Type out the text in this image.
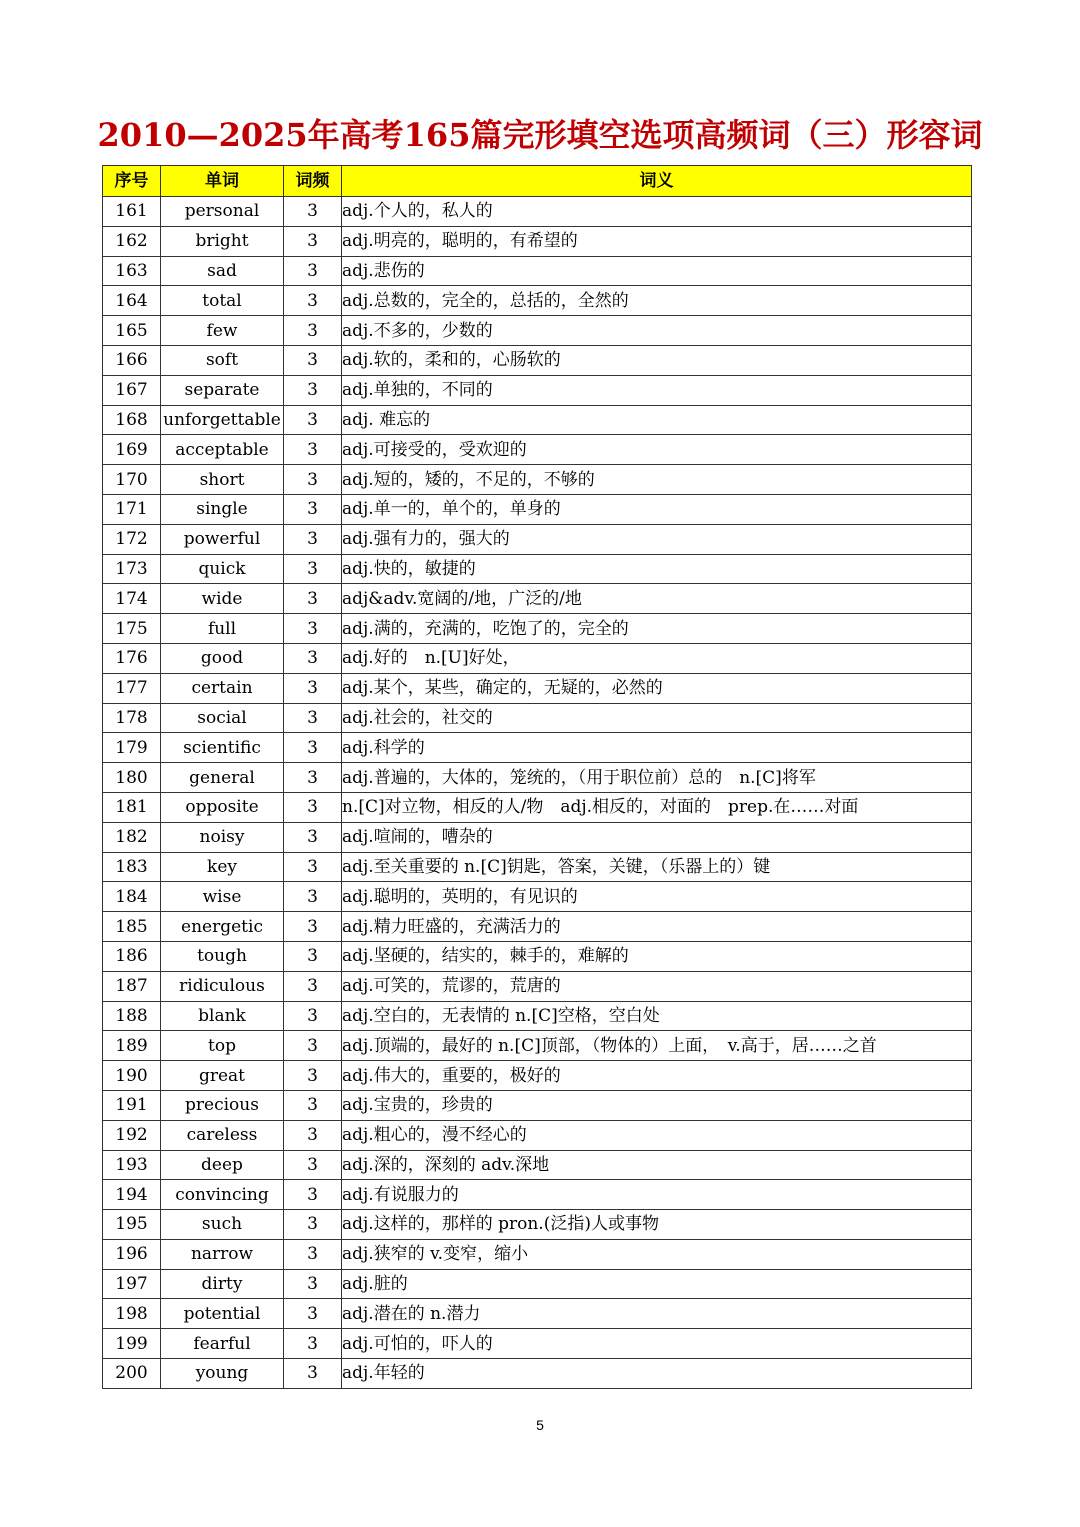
2010—2025年高考165篇完形填空选项高频词（三）形容词
序号	单词	词频	词义
161	personal	3	adj.个人的，私人的
162	bright	3	adj.明亮的，聪明的，有希望的
163	sad	3	adj.悲伤的
164	total	3	adj.总数的，完全的，总括的，全然的
165	few	3	adj.不多的，少数的
166	soft	3	adj.软的，柔和的，心肠软的
167	separate	3	adj.单独的，不同的
168	unforgettable	3	adj. 难忘的
169	acceptable	3	adj.可接受的，受欢迎的
170	short	3	adj.短的，矮的，不足的，不够的
171	single	3	adj.单一的，单个的，单身的
172	powerful	3	adj.强有力的，强大的
173	quick	3	adj.快的，敏捷的
174	wide	3	adj&adv.宽阔的/地，广泛的/地
175	full	3	adj.满的，充满的，吃饱了的，完全的
176	good	3	adj.好的　n.[U]好处，
177	certain	3	adj.某个，某些，确定的，无疑的，必然的
178	social	3	adj.社会的，社交的
179	scientific	3	adj.科学的
180	general	3	adj.普遍的，大体的，笼统的，（用于职位前）总的　n.[C]将军
181	opposite	3	n.[C]对立物，相反的人/物　adj.相反的，对面的　prep.在……对面
182	noisy	3	adj.喧闹的，嘈杂的
183	key	3	adj.至关重要的 n.[C]钥匙，答案，关键，（乐器上的）键
184	wise	3	adj.聪明的，英明的，有见识的
185	energetic	3	adj.精力旺盛的，充满活力的
186	tough	3	adj.坚硬的，结实的，棘手的，难解的
187	ridiculous	3	adj.可笑的，荒谬的，荒唐的
188	blank	3	adj.空白的，无表情的 n.[C]空格，空白处
189	top	3	adj.顶端的，最好的 n.[C]顶部，（物体的）上面，　v.高于，居……之首
190	great	3	adj.伟大的，重要的，极好的
191	precious	3	adj.宝贵的，珍贵的
192	careless	3	adj.粗心的，漫不经心的
193	deep	3	adj.深的，深刻的 adv.深地
194	convincing	3	adj.有说服力的
195	such	3	adj.这样的，那样的 pron.(泛指)人或事物
196	narrow	3	adj.狭窄的 v.变窄，缩小
197	dirty	3	adj.脏的
198	potential	3	adj.潜在的 n.潜力
199	fearful	3	adj.可怕的，吓人的
200	young	3	adj.年轻的
5
